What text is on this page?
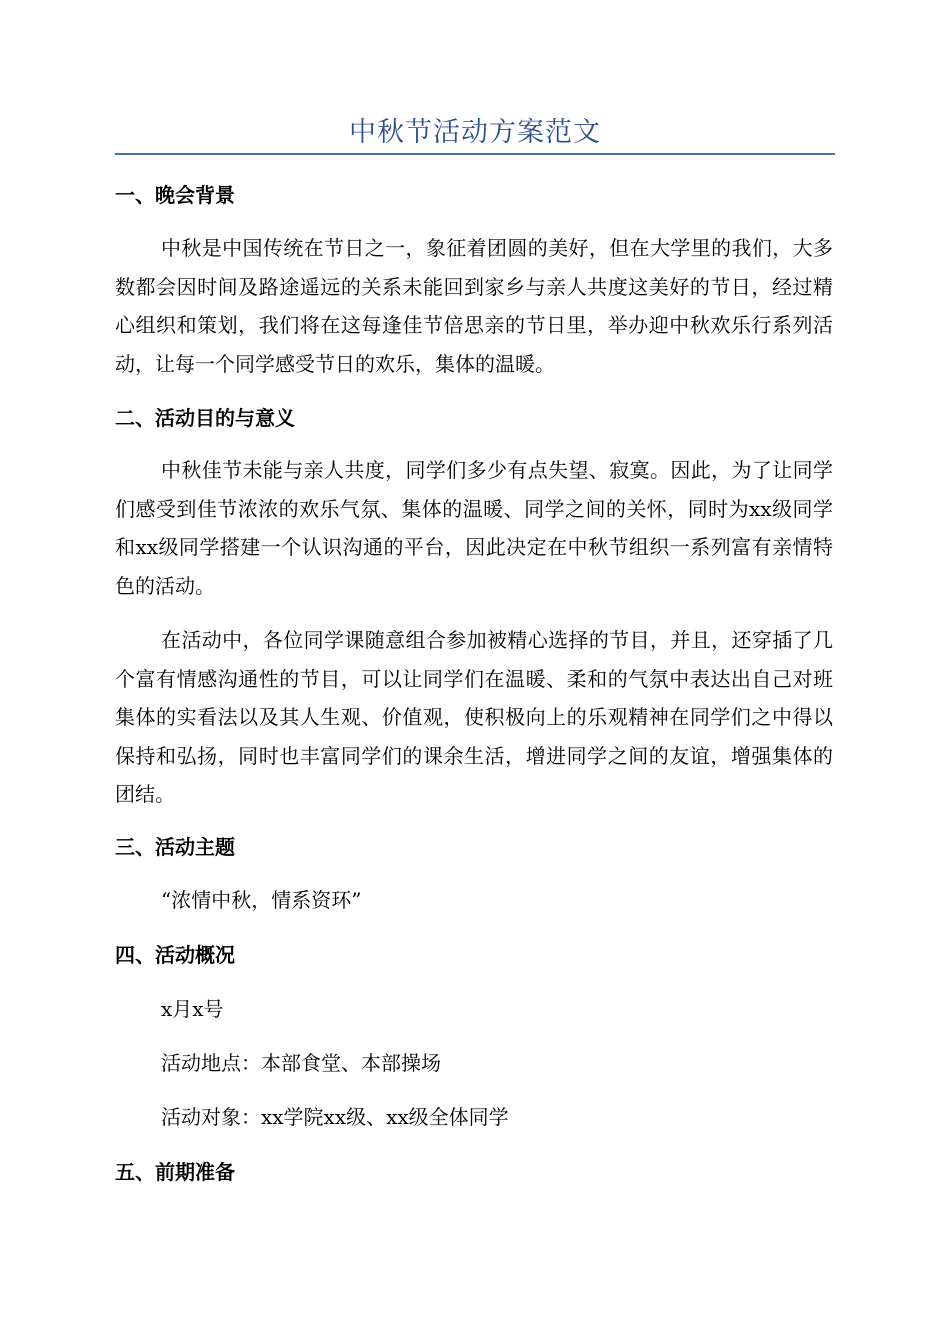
中秋节活动方案范文
一、晚会背景
中秋是中国传统在节日之一，象征着团圆的美好，但在大学里的我们，大多数都会因时间及路途遥远的关系未能回到家乡与亲人共度这美好的节日，经过精心组织和策划，我们将在这每逢佳节倍思亲的节日里，举办迎中秋欢乐行系列活动，让每一个同学感受节日的欢乐，集体的温暖。
二、活动目的与意义
中秋佳节未能与亲人共度，同学们多少有点失望、寂寞。因此，为了让同学们感受到佳节浓浓的欢乐气氛、集体的温暖、同学之间的关怀，同时为xx级同学和xx级同学搭建一个认识沟通的平台，因此决定在中秋节组织一系列富有亲情特色的活动。
在活动中，各位同学课随意组合参加被精心选择的节目，并且，还穿插了几个富有情感沟通性的节目，可以让同学们在温暖、柔和的气氛中表达出自己对班集体的实看法以及其人生观、价值观，使积极向上的乐观精神在同学们之中得以保持和弘扬，同时也丰富同学们的课余生活，增进同学之间的友谊，增强集体的团结。
三、活动主题
“浓情中秋，情系资环”
四、活动概况
x月x号
活动地点：本部食堂、本部操场
活动对象：xx学院xx级、xx级全体同学
五、前期准备
